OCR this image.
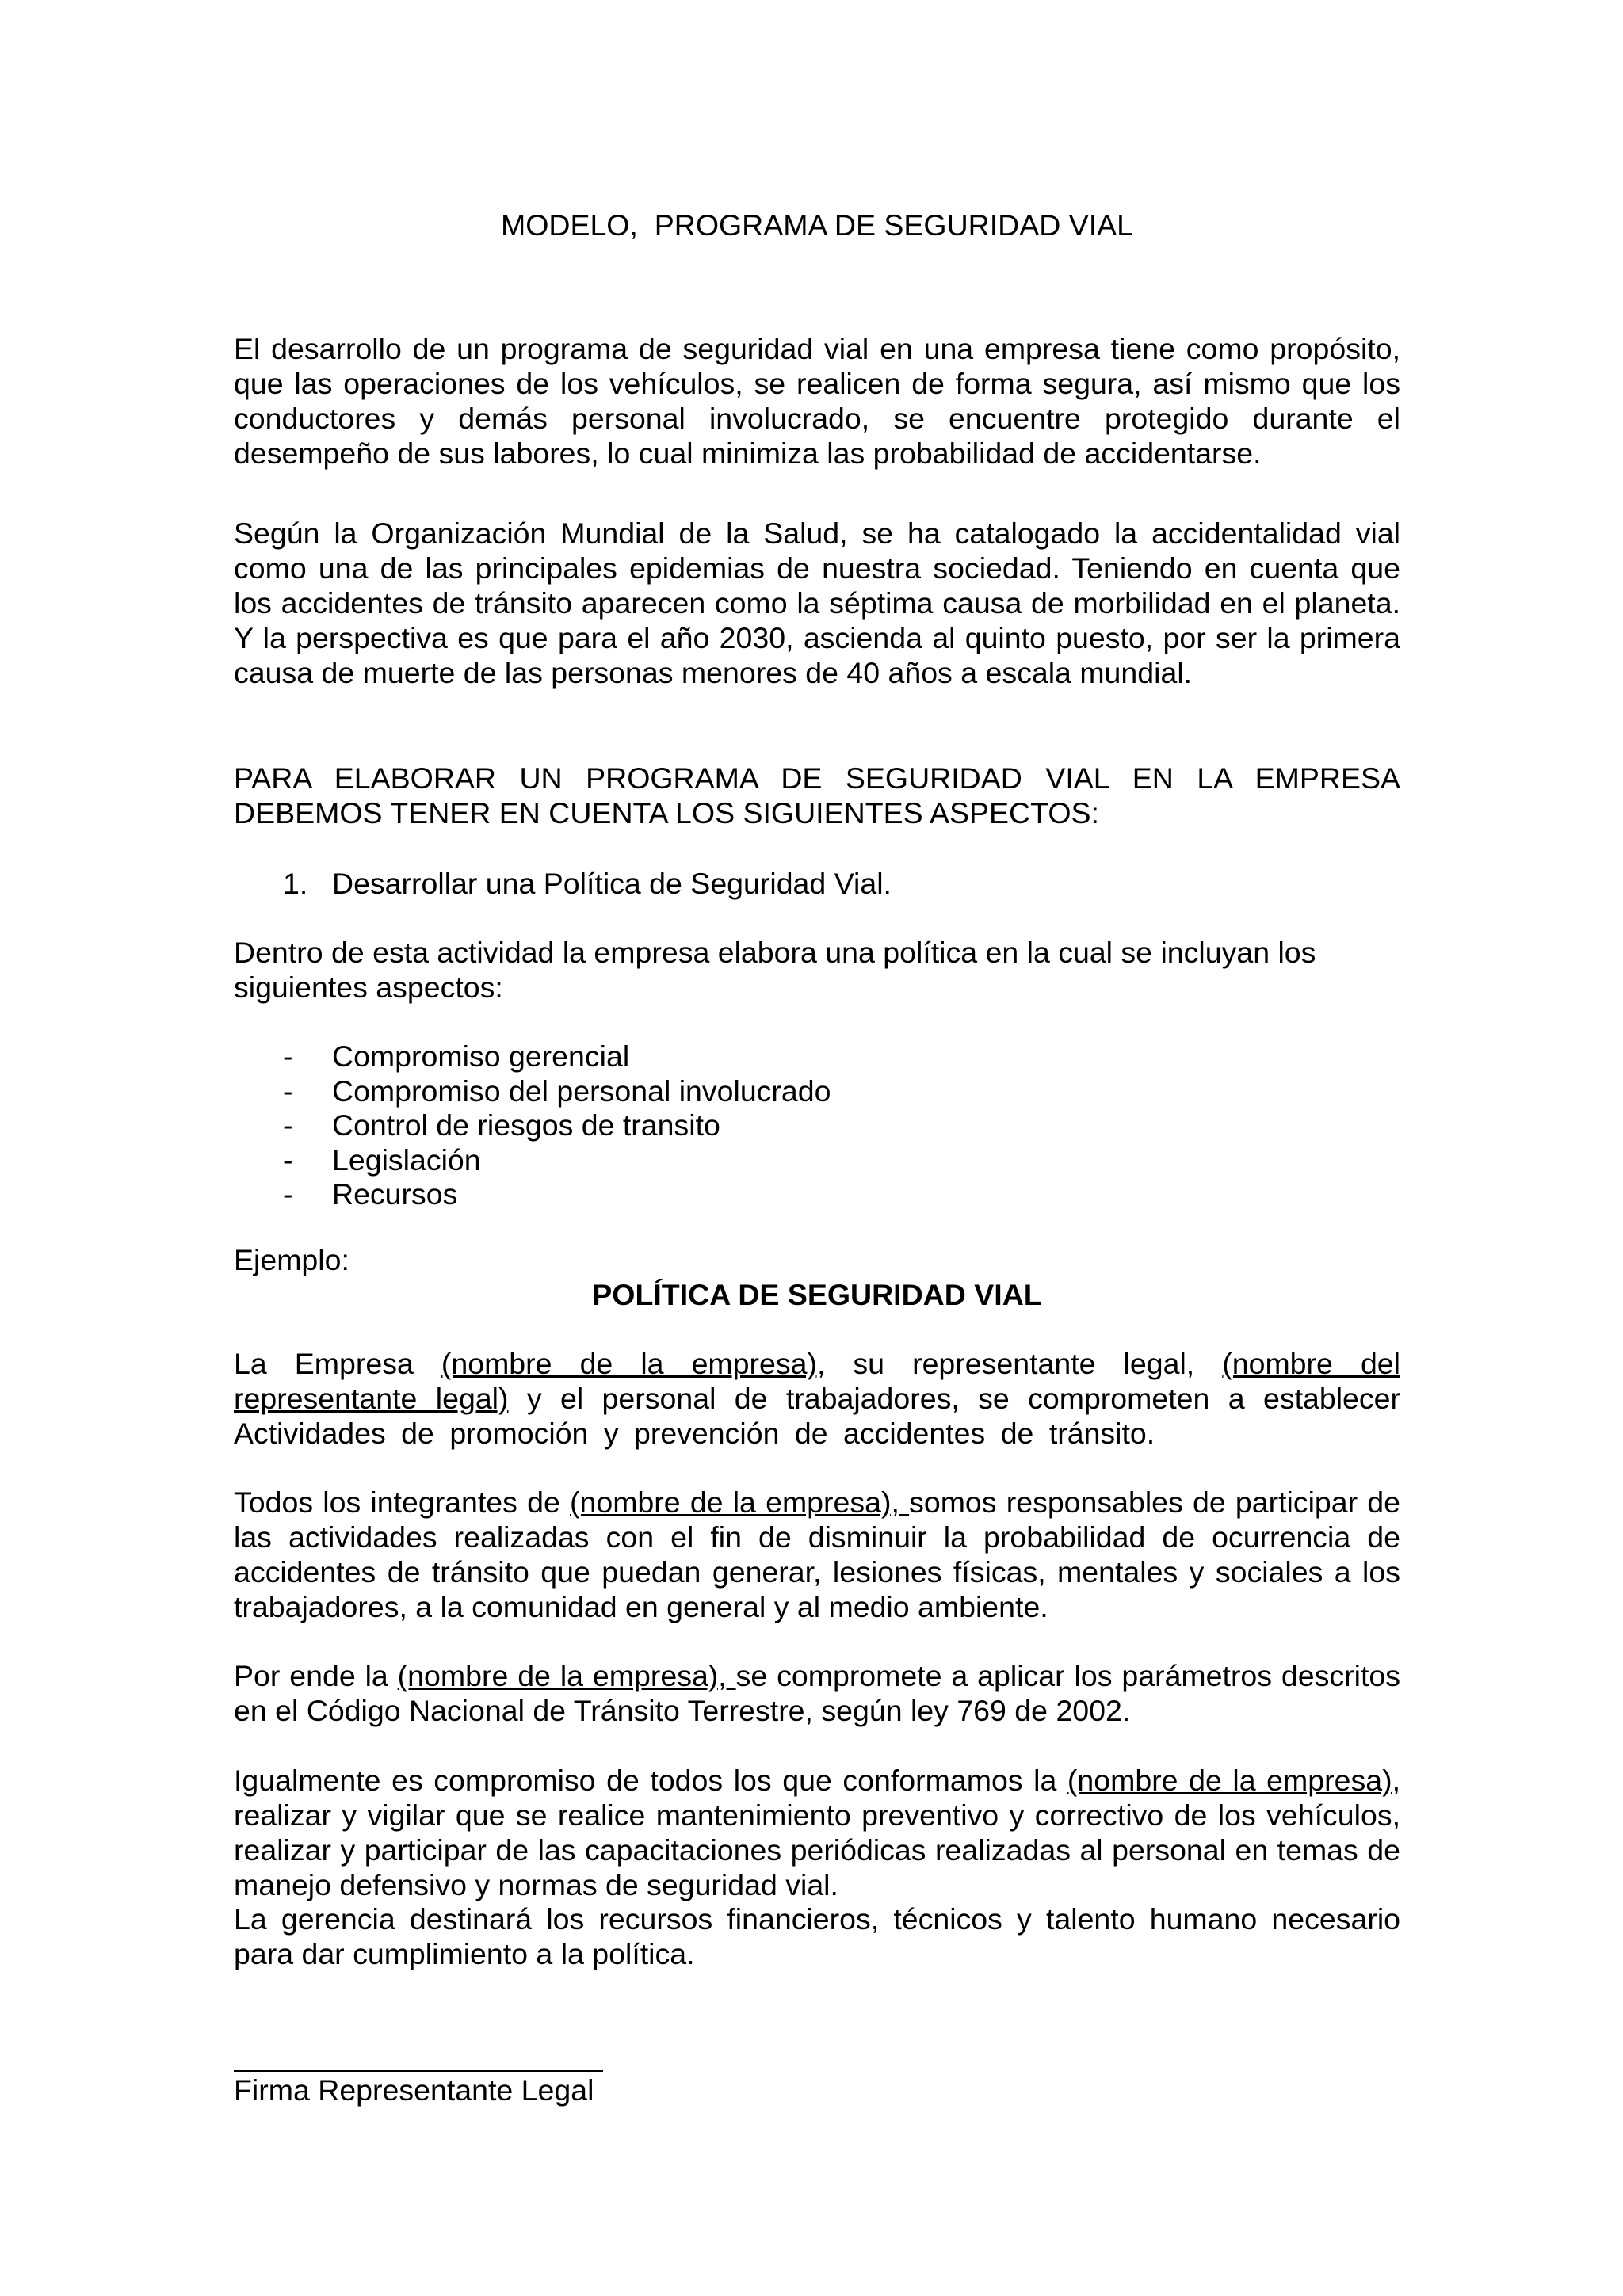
MODELO,  PROGRAMA DE SEGURIDAD VIAL

El desarrollo de un programa de seguridad vial en una empresa tiene como propósito, que las operaciones de los vehículos, se realicen de forma segura, así mismo que los conductores y demás personal involucrado, se encuentre protegido durante el desempeño de sus labores, lo cual minimiza las probabilidad de accidentarse.

Según la Organización Mundial de la Salud, se ha catalogado la accidentalidad vial como una de las principales epidemias de nuestra sociedad. Teniendo en cuenta que los accidentes de tránsito aparecen como la séptima causa de morbilidad en el planeta. Y la perspectiva es que para el año 2030, ascienda al quinto puesto, por ser la primera causa de muerte de las personas menores de 40 años a escala mundial.

PARA ELABORAR UN PROGRAMA DE SEGURIDAD VIAL EN LA EMPRESA DEBEMOS TENER EN CUENTA LOS SIGUIENTES ASPECTOS:

1. Desarrollar una Política de Seguridad Vial.

Dentro de esta actividad la empresa elabora una política en la cual se incluyan los siguientes aspectos:

- Compromiso gerencial
- Compromiso del personal involucrado
- Control de riesgos de transito
- Legislación
- Recursos

Ejemplo:

POLÍTICA DE SEGURIDAD VIAL

La Empresa (nombre de la empresa), su representante legal, (nombre del representante legal) y el personal de trabajadores, se comprometen a establecer Actividades de promoción y prevención de accidentes de tránsito.

Todos los integrantes de (nombre de la empresa), somos responsables de participar de las actividades realizadas con el fin de disminuir la probabilidad de ocurrencia de accidentes de tránsito que puedan generar, lesiones físicas, mentales y sociales a los trabajadores, a la comunidad en general y al medio ambiente.

Por ende la (nombre de la empresa), se compromete a aplicar los parámetros descritos en el Código Nacional de Tránsito Terrestre, según ley 769 de 2002.

Igualmente es compromiso de todos los que conformamos la (nombre de la empresa), realizar y vigilar que se realice mantenimiento preventivo y correctivo de los vehículos, realizar y participar de las capacitaciones periódicas realizadas al personal en temas de manejo defensivo y normas de seguridad vial.

La gerencia destinará los recursos financieros, técnicos y talento humano necesario para dar cumplimiento a la política.

Firma Representante Legal
